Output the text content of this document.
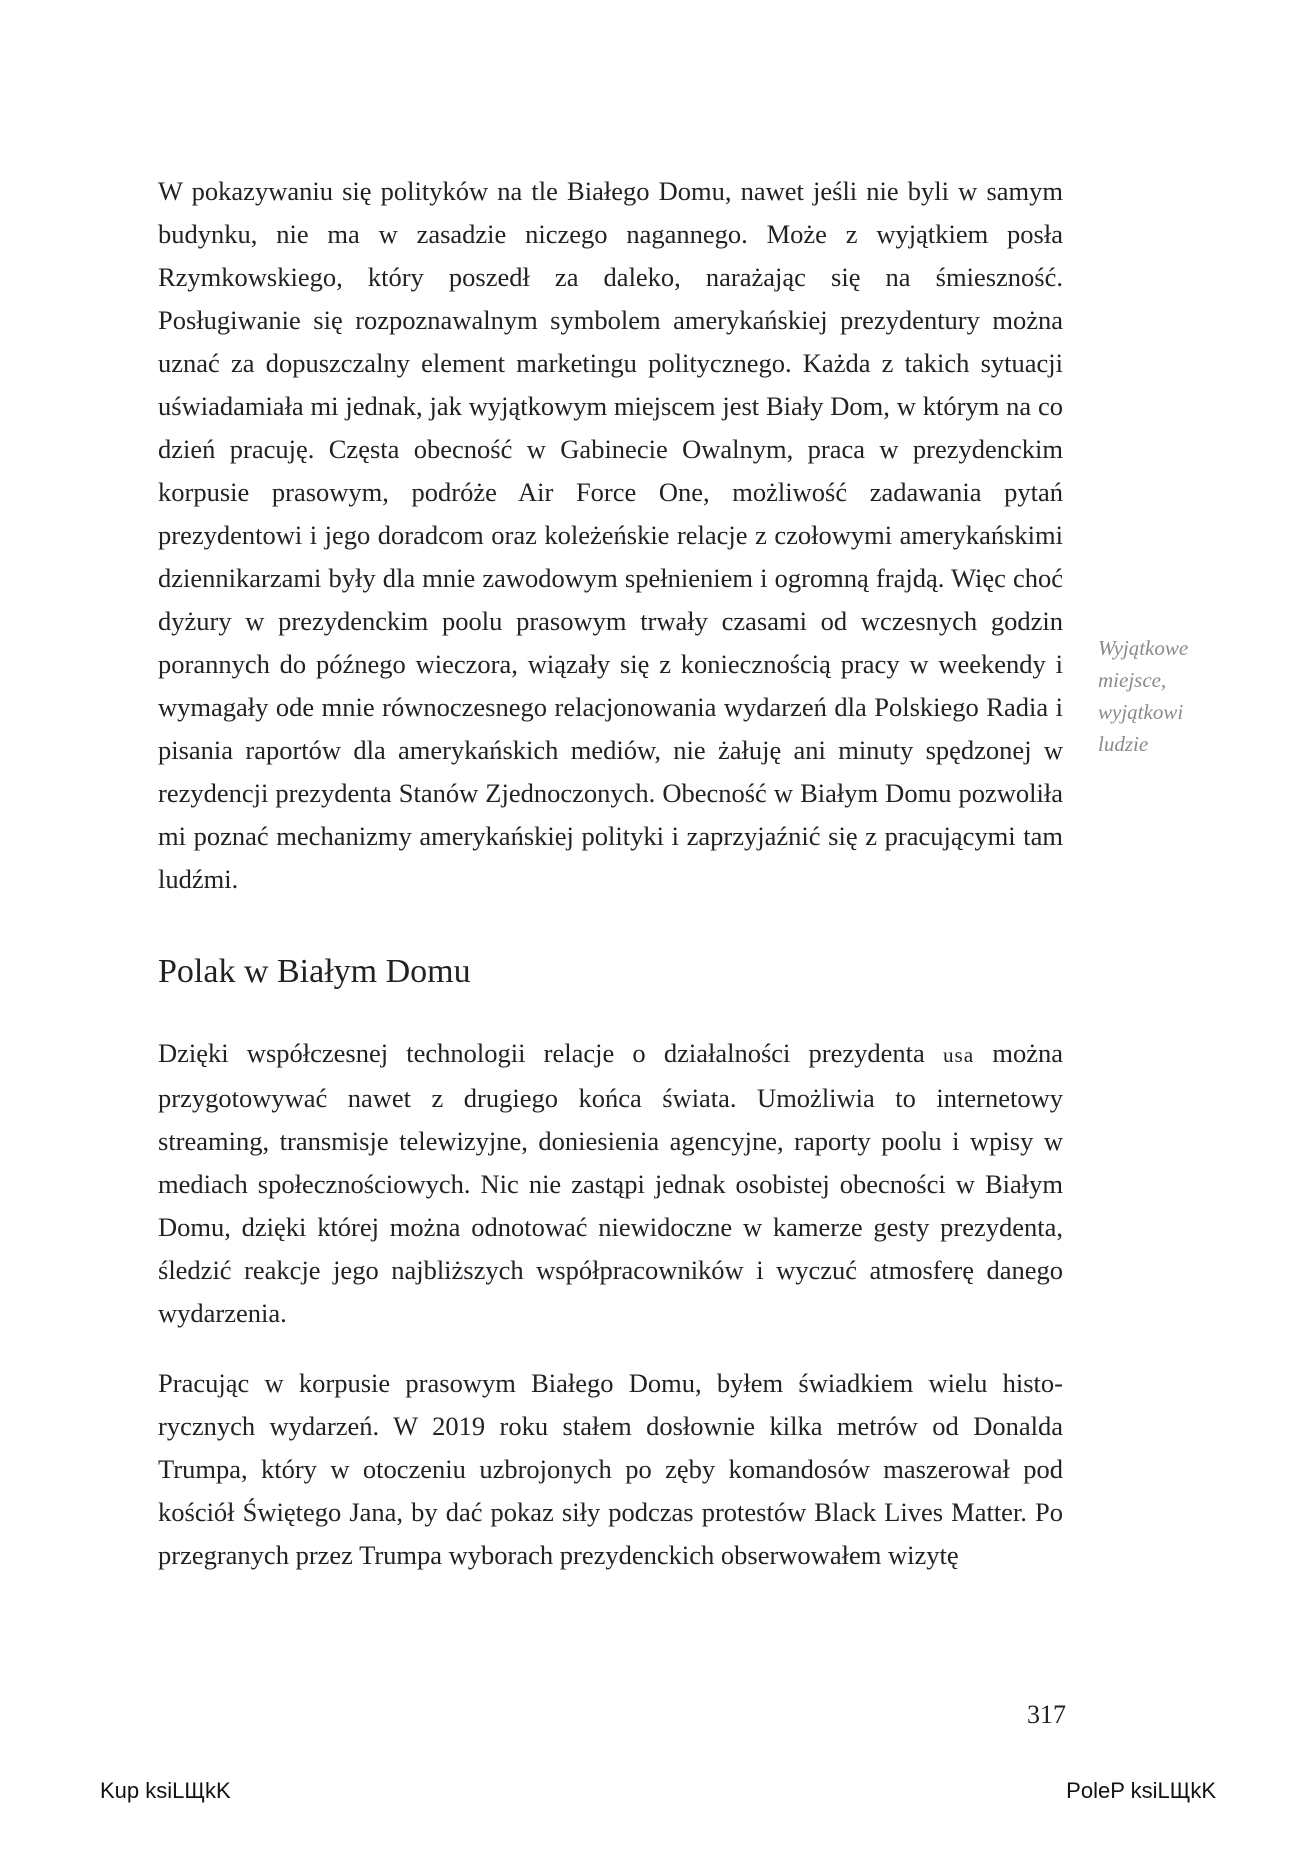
W pokazywaniu się polityków na tle Białego Domu, nawet jeśli nie byli w samym budynku, nie ma w zasadzie niczego nagannego. Może z wyjątkiem posła Rzymkowskiego, który poszedł za daleko, narażając się na śmieszność. Posługiwanie się rozpoznawalnym symbolem amerykańskiej prezydentury można uznać za dopuszczalny element marketingu politycznego. Każda z takich sytuacji uświadamiała mi jednak, jak wyjątkowym miejscem jest Biały Dom, w którym na co dzień pracuję. Częsta obecność w Gabinecie Owalnym, praca w prezydenckim korpusie prasowym, podróże Air Force One, możliwość zadawania pytań prezydentowi i jego doradcom oraz koleżeńskie relacje z czołowymi amerykańskimi dziennikarzami były dla mnie zawodowym spełnieniem i ogromną frajdą. Więc choć dyżury w prezydenckim poolu prasowym trwały czasami od wczesnych godzin porannych do późnego wieczora, wiązały się z koniecznością pracy w weekendy i wymagały ode mnie równoczesnego relacjonowania wydarzeń dla Polskiego Radia i pisania raportów dla amerykańskich mediów, nie żałuję ani minuty spędzonej w rezydencji prezydenta Stanów Zjednoczonych. Obecność w Białym Domu pozwoliła mi poznać mechanizmy amerykańskiej polityki i zaprzyjaźnić się z pracującymi tam ludźmi.

Polak w Białym Domu

Dzięki współczesnej technologii relacje o działalności prezydenta usa można przygotowywać nawet z drugiego końca świata. Umożliwia to internetowy streaming, transmisje telewizyjne, doniesienia agencyjne, raporty poolu i wpisy w mediach społecznościowych. Nic nie zastąpi jednak osobistej obecności w Białym Domu, dzięki której można odnotować niewidoczne w kamerze gesty prezydenta, śledzić reakcje jego najbliższych współpracowników i wyczuć atmosferę danego wydarzenia.

Pracując w korpusie prasowym Białego Domu, byłem świadkiem wielu historycznych wydarzeń. W 2019 roku stałem dosłownie kilka metrów od Donalda Trumpa, który w otoczeniu uzbrojonych po zęby komandosów maszerował pod kościół Świętego Jana, by dać pokaz siły podczas protestów Black Lives Matter. Po przegranych przez Trumpa wyborach prezydenckich obserwowałem wizytę

Wyjątkowe
miejsce,
wyjątkowi
ludzie
317
Kup ksiLЩkK	PoleP ksiLЩkK
